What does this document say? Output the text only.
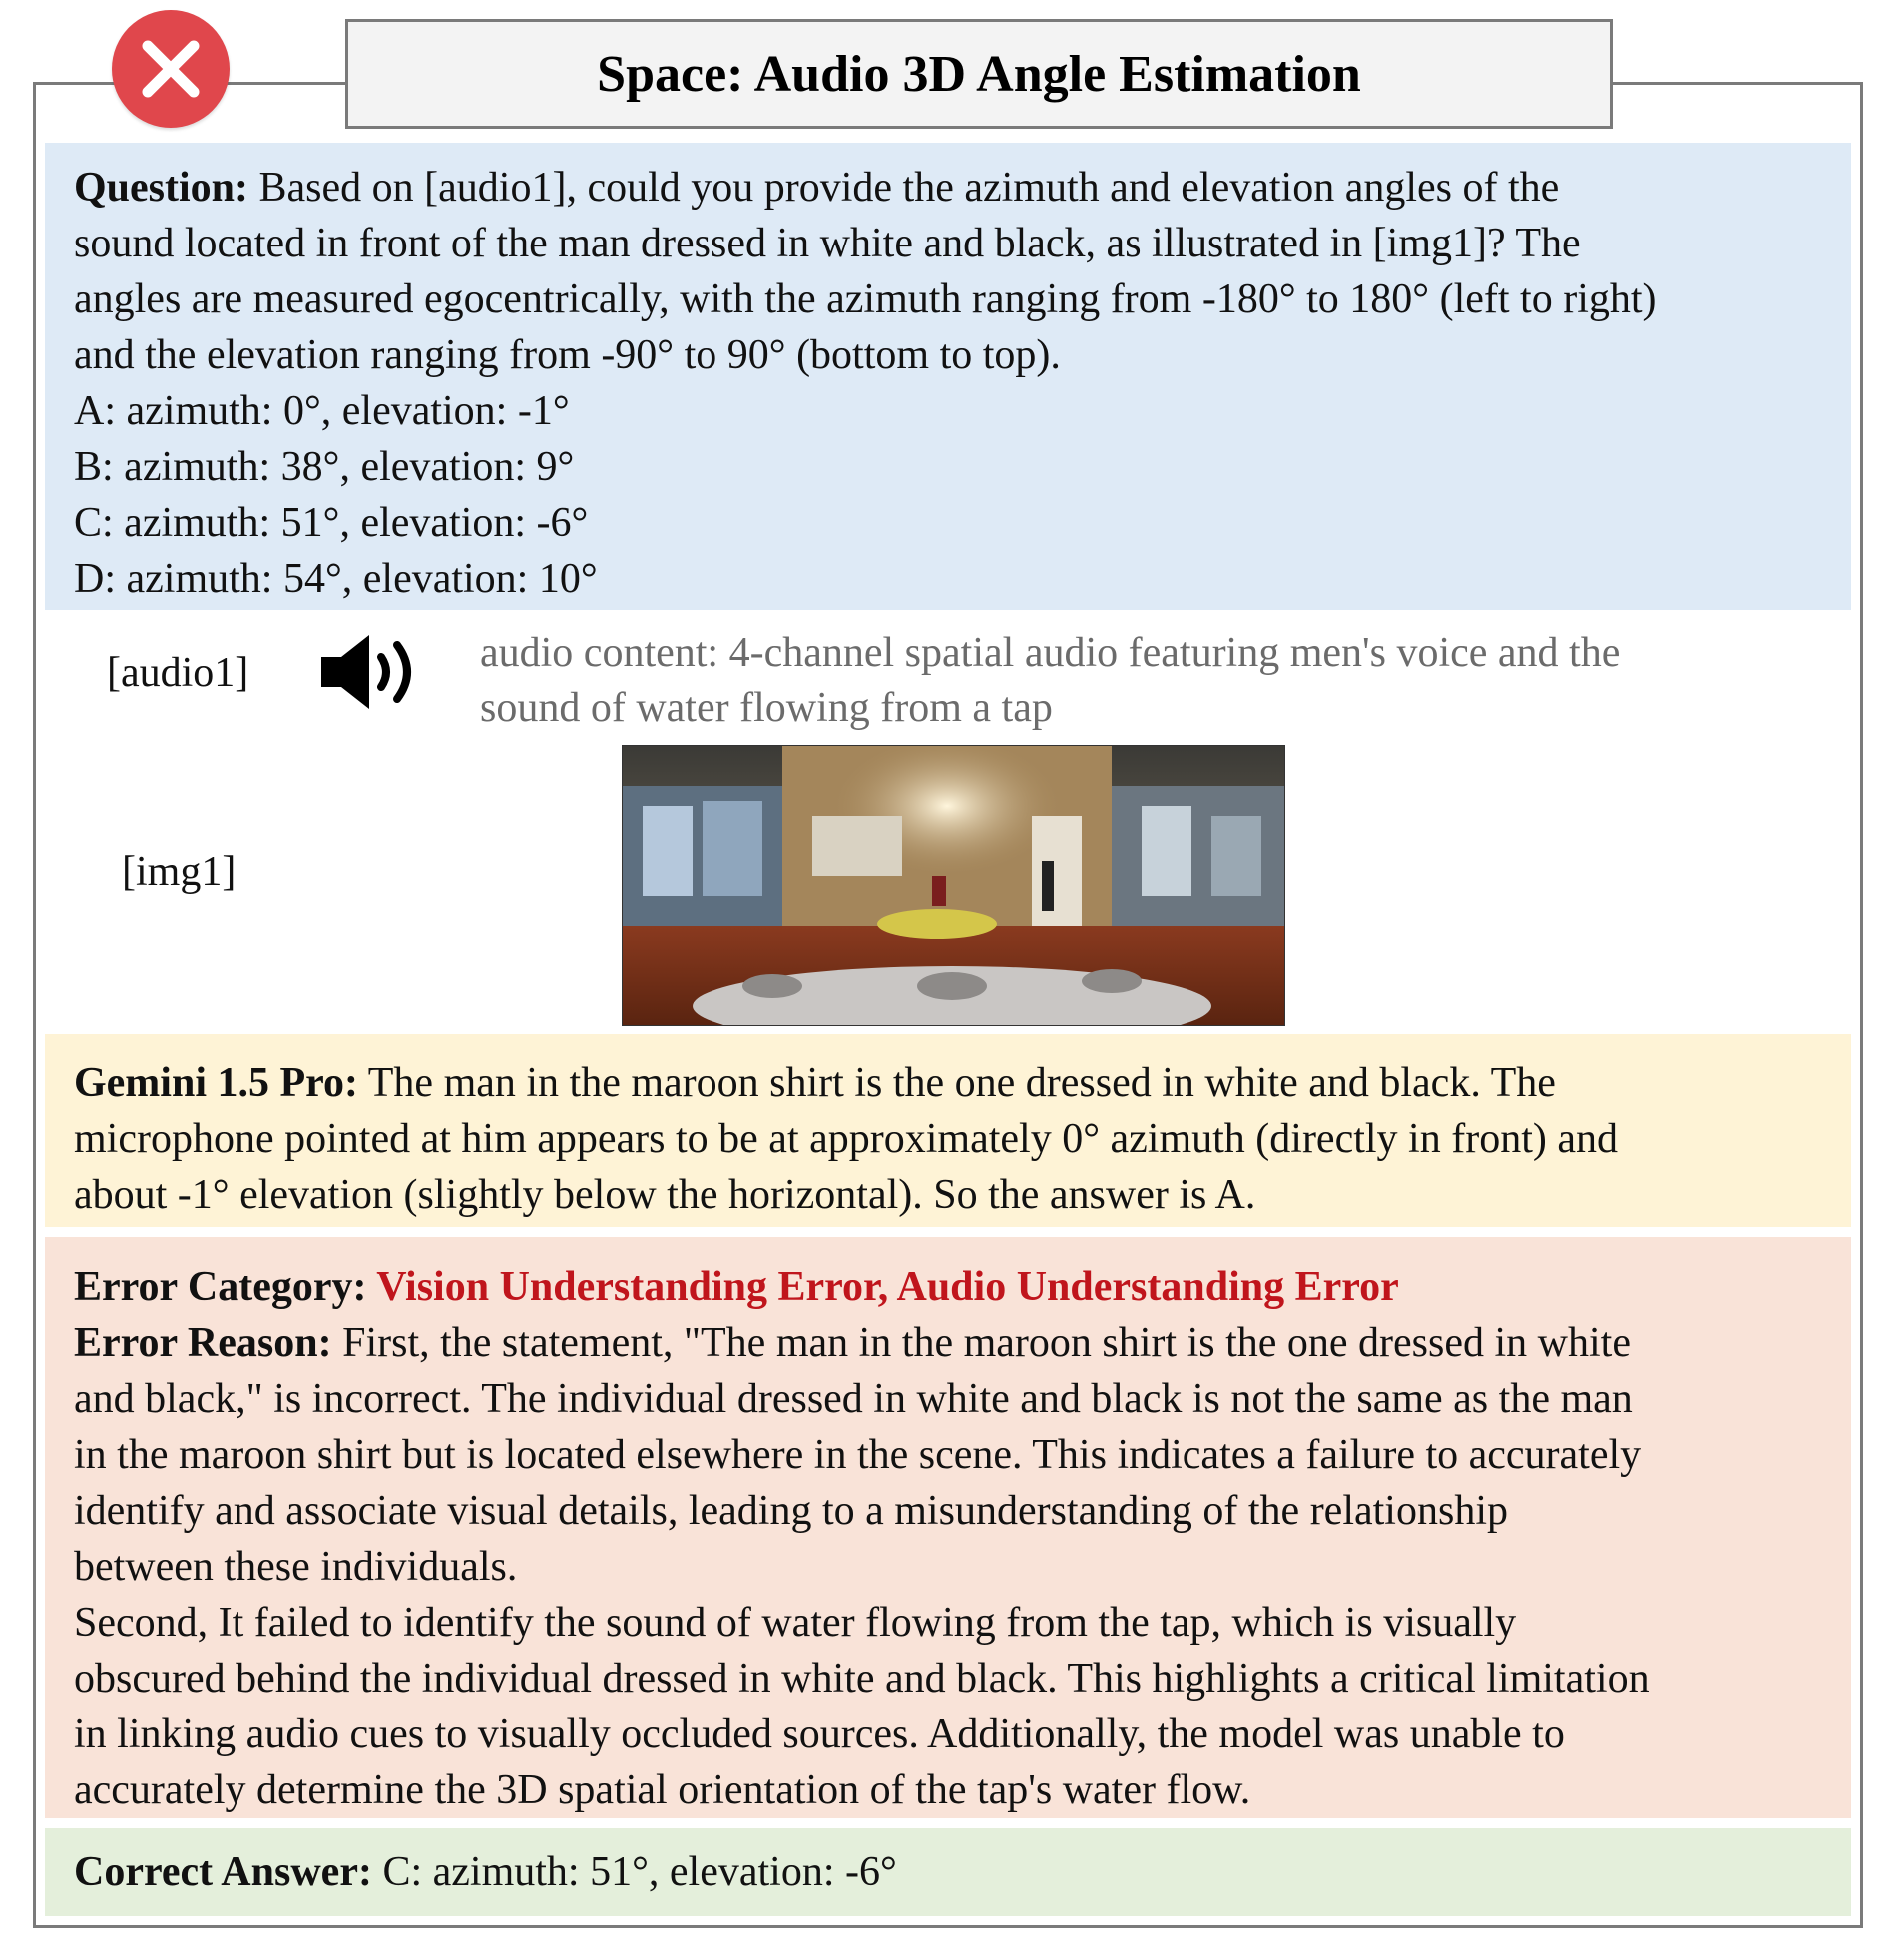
Space: Audio 3D Angle Estimation
Question: Based on [audio1], could you provide the azimuth and elevation angles of the
sound located in front of the man dressed in white and black, as illustrated in [img1]? The
angles are measured egocentrically, with the azimuth ranging from -180° to 180° (left to right)
and the elevation ranging from -90° to 90° (bottom to top).
A: azimuth: 0°, elevation: -1°
B: azimuth: 38°, elevation: 9°
C: azimuth: 51°, elevation: -6°
D: azimuth: 54°, elevation: 10°
[audio1]	audio content: 4-channel spatial audio featuring men's voice and the
sound of water flowing from a tap
[img1]
Gemini 1.5 Pro: The man in the maroon shirt is the one dressed in white and black. The
microphone pointed at him appears to be at approximately 0° azimuth (directly in front) and
about -1° elevation (slightly below the horizontal). So the answer is A.
Error Category: Vision Understanding Error, Audio Understanding Error
Error Reason: First, the statement, "The man in the maroon shirt is the one dressed in white
and black," is incorrect. The individual dressed in white and black is not the same as the man
in the maroon shirt but is located elsewhere in the scene. This indicates a failure to accurately
identify and associate visual details, leading to a misunderstanding of the relationship
between these individuals.
Second, It failed to identify the sound of water flowing from the tap, which is visually
obscured behind the individual dressed in white and black. This highlights a critical limitation
in linking audio cues to visually occluded sources. Additionally, the model was unable to
accurately determine the 3D spatial orientation of the tap's water flow.
Correct Answer: C: azimuth: 51°, elevation: -6°
